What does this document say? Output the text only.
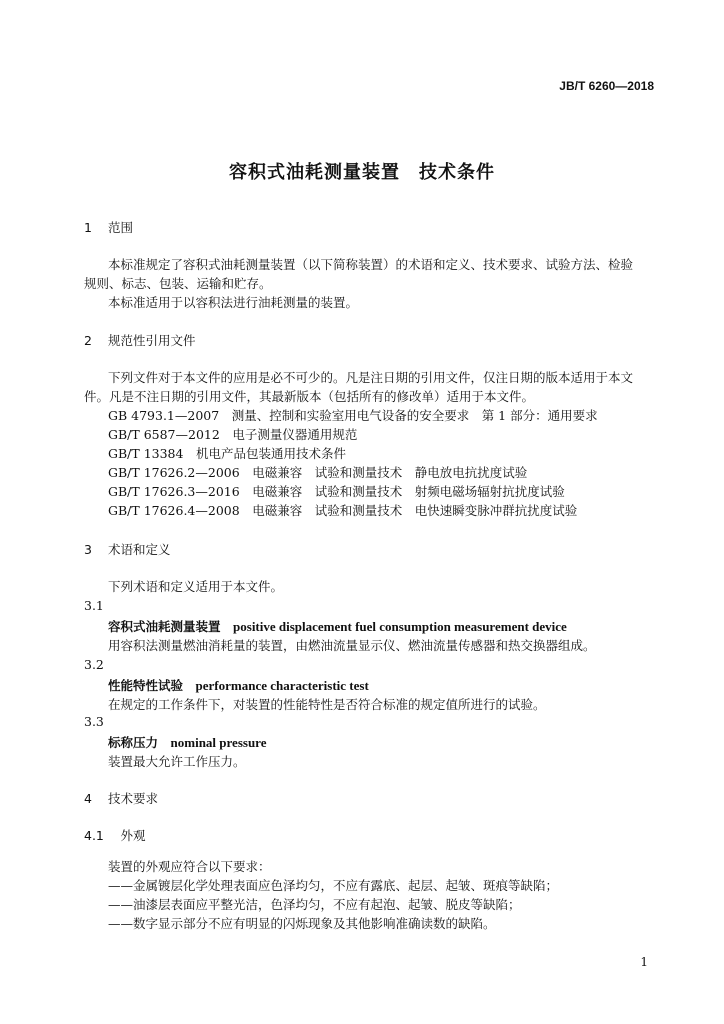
JB/T 6260—2018
容积式油耗测量装置　技术条件
1 范围
本标准规定了容积式油耗测量装置（以下简称装置）的术语和定义、技术要求、试验方法、检验
规则、标志、包装、运输和贮存。
本标准适用于以容积法进行油耗测量的装置。
2 规范性引用文件
下列文件对于本文件的应用是必不可少的。凡是注日期的引用文件，仅注日期的版本适用于本文
件。凡是不注日期的引用文件，其最新版本（包括所有的修改单）适用于本文件。
GB 4793.1—2007　测量、控制和实验室用电气设备的安全要求　第 1 部分：通用要求
GB/T 6587—2012　电子测量仪器通用规范
GB/T 13384　机电产品包装通用技术条件
GB/T 17626.2—2006　电磁兼容　试验和测量技术　静电放电抗扰度试验
GB/T 17626.3—2016　电磁兼容　试验和测量技术　射频电磁场辐射抗扰度试验
GB/T 17626.4—2008　电磁兼容　试验和测量技术　电快速瞬变脉冲群抗扰度试验
3 术语和定义
下列术语和定义适用于本文件。
3.1
容积式油耗测量装置　 positive displacement fuel consumption measurement device
用容积法测量燃油消耗量的装置，由燃油流量显示仪、燃油流量传感器和热交换器组成。
3.2
性能特性试验　 performance characteristic test
在规定的工作条件下，对装置的性能特性是否符合标准的规定值所进行的试验。
3.3
标称压力　 nominal pressure
装置最大允许工作压力。
4 技术要求
4.1　 外观
装置的外观应符合以下要求：
——金属镀层化学处理表面应色泽均匀，不应有露底、起层、起皱、斑痕等缺陷；
——油漆层表面应平整光洁，色泽均匀，不应有起泡、起皱、脱皮等缺陷；
——数字显示部分不应有明显的闪烁现象及其他影响准确读数的缺陷。
1
